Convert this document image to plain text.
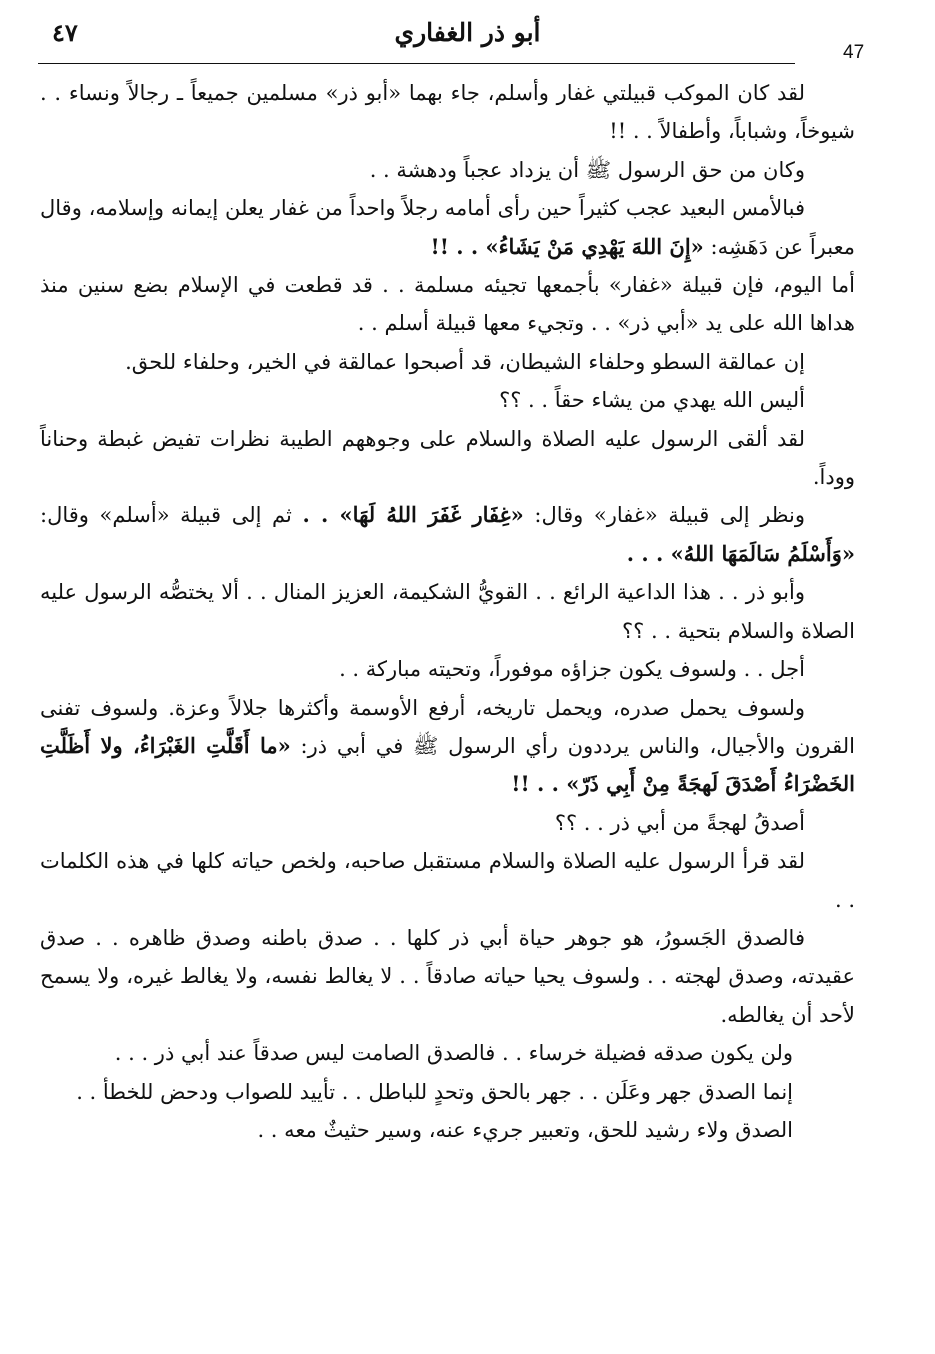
٤٧	أبو ذر الغفاري
47

لقد كان الموكب قبيلتي غفار وأسلم، جاء بهما «أبو ذر» مسلمين جميعاً ـ رجالاً ونساء . . شيوخاً، وشباباً، وأطفالاً . . !!

وكان من حق الرسول ﷺ أن يزداد عجباً ودهشة . .

فبالأمس البعيد عجب كثيراً حين رأى أمامه رجلاً واحداً من غفار يعلن إيمانه وإسلامه، وقال معبراً عن دَهَشِه: «إِنَ اللهَ يَهْدِي مَنْ يَشَاءُ» . . !!

أما اليوم، فإن قبيلة «غفار» بأجمعها تجيئه مسلمة . . قد قطعت في الإسلام بضع سنين منذ هداها الله على يد «أبي ذر» . . وتجيء معها قبيلة أسلم . .

إن عمالقة السطو وحلفاء الشيطان، قد أصبحوا عمالقة في الخير، وحلفاء للحق.

أليس الله يهدي من يشاء حقاً . . ؟؟

لقد ألقى الرسول عليه الصلاة والسلام على وجوههم الطيبة نظرات تفيض غبطة وحناناً ووداً.

ونظر إلى قبيلة «غفار» وقال: «غِفَار غَفَرَ اللهُ لَهَا» . . ثم إلى قبيلة «أسلم» وقال: «وَأَسْلَمُ سَالَمَهَا اللهُ» . . .

وأبو ذر . . هذا الداعية الرائع . . القويُّ الشكيمة، العزيز المنال . . ألا يختصُّه الرسول عليه الصلاة والسلام بتحية . . ؟؟

أجل . . ولسوف يكون جزاؤه موفوراً، وتحيته مباركة . .

ولسوف يحمل صدره، ويحمل تاريخه، أرفع الأوسمة وأكثرها جلالاً وعزة. ولسوف تفنى القرون والأجيال، والناس يرددون رأي الرسول ﷺ في أبي ذر: «ما أَقَلَّتِ الغَبْرَاءُ، ولا أَظَلَّتِ الخَضْرَاءُ أَصْدَقَ لَهجَةً مِنْ أَبِي ذَرّ» . . !!

أصدقُ لهجةً من أبي ذر . . ؟؟

لقد قرأ الرسول عليه الصلاة والسلام مستقبل صاحبه، ولخص حياته كلها في هذه الكلمات . .

فالصدق الجَسورُ، هو جوهر حياة أبي ذر كلها . . صدق باطنه وصدق ظاهره . . صدق عقيدته، وصدق لهجته . . ولسوف يحيا حياته صادقاً . . لا يغالط نفسه، ولا يغالط غيره، ولا يسمح لأحد أن يغالطه.

ولن يكون صدقه فضيلة خرساء . . فالصدق الصامت ليس صدقاً عند أبي ذر . . .

إنما الصدق جهر وعَلَن . . جهر بالحق وتحدٍ للباطل . . تأييد للصواب ودحض للخطأ . .

الصدق ولاء رشيد للحق، وتعبير جريء عنه، وسير حثيثٌ معه . .
